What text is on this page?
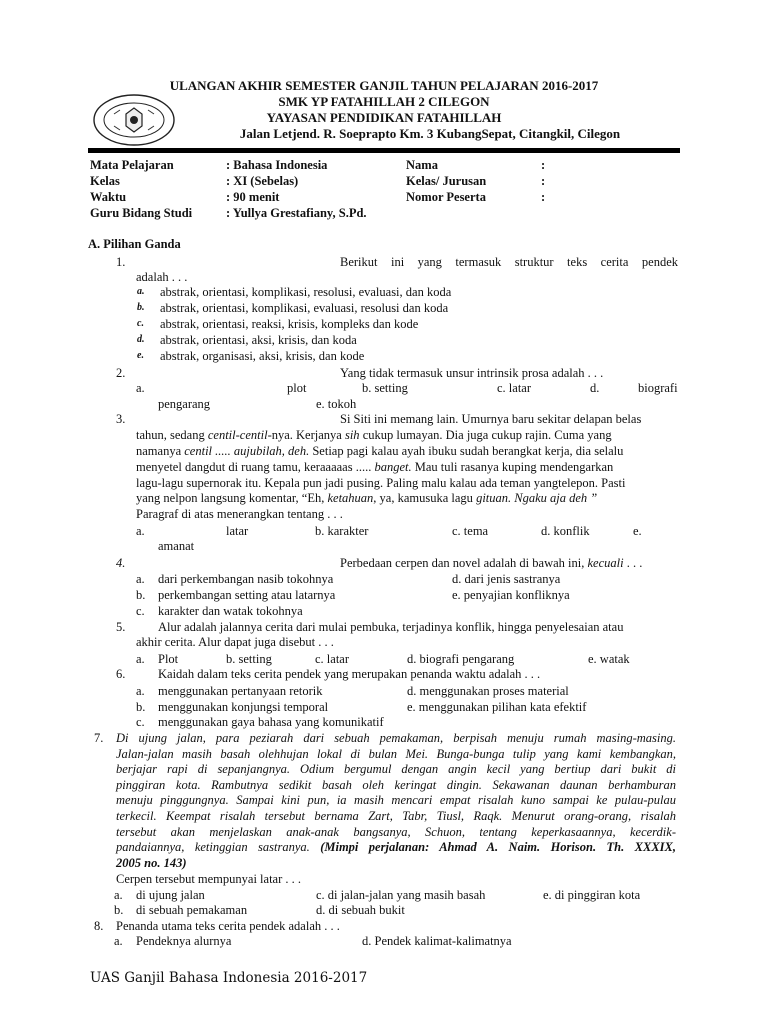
ULANGAN AKHIR SEMESTER GANJIL TAHUN PELAJARAN 2016-2017
SMK YP FATAHILLAH 2 CILEGON
YAYASAN PENDIDIKAN FATAHILLAH
Jalan Letjend. R. Soeprapto Km. 3 KubangSepat, Citangkil, Cilegon
Mata Pelajaran	: Bahasa Indonesia	Nama	:
Kelas	: XI (Sebelas)	Kelas/ Jurusan	:
Waktu	: 90 menit	Nomor Peserta	:
Guru Bidang Studi	: Yullya Grestafiany, S.Pd.
A. Pilihan Ganda
1.	Berikut ini yang termasuk struktur teks cerita pendek
adalah . . .
a. abstrak, orientasi, komplikasi, resolusi, evaluasi, dan koda
b. abstrak, orientasi, komplikasi, evaluasi, resolusi dan koda
c. abstrak, orientasi, reaksi, krisis, kompleks dan kode
d. abstrak, orientasi, aksi, krisis, dan koda
e. abstrak, organisasi, aksi, krisis, dan kode
2.	Yang tidak termasuk unsur intrinsik prosa adalah . . .
a.	plot	b. setting	c. latar	d.	biografi
pengarang	e. tokoh
3.	Si Siti ini memang lain. Umurnya baru sekitar delapan belas
tahun, sedang centil-centil-nya. Kerjanya sih cukup lumayan. Dia juga cukup rajin. Cuma yang
namanya centil ..... aujubilah, deh. Setiap pagi kalau ayah ibuku sudah berangkat kerja, dia selalu
menyetel dangdut di ruang tamu, keraaaaas ..... banget. Mau tuli rasanya kuping mendengarkan
lagu-lagu supernorak itu. Kepala pun jadi pusing. Paling malu kalau ada teman yangtelepon. Pasti
yang nelpon langsung komentar, “Eh, ketahuan, ya, kamusuka lagu gituan. Ngaku aja deh ”
Paragraf di atas menerangkan tentang . . .
a.	latar	b. karakter	c. tema	d. konflik	e.
amanat
4.	Perbedaan cerpen dan novel adalah di bawah ini, kecuali . . .
a. dari perkembangan nasib tokohnya	d. dari jenis sastranya
b. perkembangan setting atau latarnya	e. penyajian konfliknya
c. karakter dan watak tokohnya
5.	Alur adalah jalannya cerita dari mulai pembuka, terjadinya konflik, hingga penyelesaian atau
akhir cerita. Alur dapat juga disebut . . .
a. Plot	b. setting	c. latar	d. biografi pengarang	e. watak
6.	Kaidah dalam teks cerita pendek yang merupakan penanda waktu adalah . . .
a. menggunakan pertanyaan retorik	d. menggunakan proses material
b. menggunakan konjungsi temporal	e. menggunakan pilihan kata efektif
c. menggunakan gaya bahasa yang komunikatif
7. Di ujung jalan, para peziarah dari sebuah pemakaman, berpisah menuju rumah masing-masing.
Jalan-jalan masih basah olehhujan lokal di bulan Mei. Bunga-bunga tulip yang kami kembangkan,
berjajar rapi di sepanjangnya. Odium bergumul dengan angin kecil yang bertiup dari bukit di
pinggiran kota. Rambutnya sedikit basah oleh keringat dingin. Sekawanan daunan berhamburan
menuju pinggungnya. Sampai kini pun, ia masih mencari empat risalah kuno sampai ke pulau-pulau
terkecil. Keempat risalah tersebut bernama Zart, Tabr, Tiusl, Raqk. Menurut orang-orang, risalah
tersebut akan menjelaskan anak-anak bangsanya, Schuon, tentang keperkasaannya, kecerdik-
pandaiannya, ketinggian sastranya. (Mimpi perjalanan: Ahmad A. Naim. Horison. Th. XXXIX,
2005 no. 143)
Cerpen tersebut mempunyai latar . . .
a. di ujung jalan	c. di jalan-jalan yang masih basah	e. di pinggiran kota
b. di sebuah pemakaman	d. di sebuah bukit
8. Penanda utama teks cerita pendek adalah . . .
a. Pendeknya alurnya	d. Pendek kalimat-kalimatnya
UAS Ganjil Bahasa Indonesia 2016-2017
